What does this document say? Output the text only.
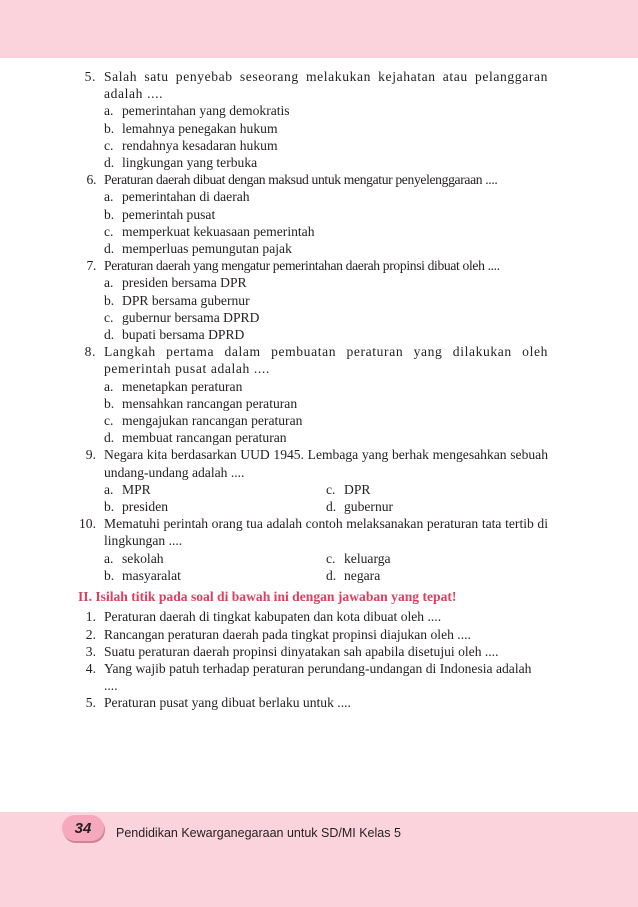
5. Salah satu penyebab seseorang melakukan kejahatan atau pelanggaran adalah ....
a. pemerintahan yang demokratis
b. lemahnya penegakan hukum
c. rendahnya kesadaran hukum
d. lingkungan yang terbuka
6. Peraturan daerah dibuat dengan maksud untuk mengatur penyelenggaraan ....
a. pemerintahan di daerah
b. pemerintah pusat
c. memperkuat kekuasaan pemerintah
d. memperluas pemungutan pajak
7. Peraturan daerah yang mengatur pemerintahan daerah propinsi dibuat oleh ....
a. presiden bersama DPR
b. DPR bersama gubernur
c. gubernur bersama DPRD
d. bupati bersama DPRD
8. Langkah pertama dalam pembuatan peraturan yang dilakukan oleh pemerintah pusat adalah ....
a. menetapkan peraturan
b. mensahkan rancangan peraturan
c. mengajukan rancangan peraturan
d. membuat rancangan peraturan
9. Negara kita berdasarkan UUD 1945. Lembaga yang berhak mengesahkan sebuah undang-undang adalah ....
a. MPR	c. DPR
b. presiden	d. gubernur
10. Mematuhi perintah orang tua adalah contoh melaksanakan peraturan tata tertib di lingkungan ....
a. sekolah	c. keluarga
b. masyaralat	d. negara
II. Isilah titik pada soal di bawah ini dengan jawaban yang tepat!
1. Peraturan daerah di tingkat kabupaten dan kota dibuat oleh ....
2. Rancangan peraturan daerah pada tingkat propinsi diajukan oleh ....
3. Suatu peraturan daerah propinsi dinyatakan sah apabila disetujui oleh ....
4. Yang wajib patuh terhadap peraturan perundang-undangan di Indonesia adalah ....
5. Peraturan pusat yang dibuat berlaku untuk ....
34 Pendidikan Kewarganegaraan untuk SD/MI Kelas 5
